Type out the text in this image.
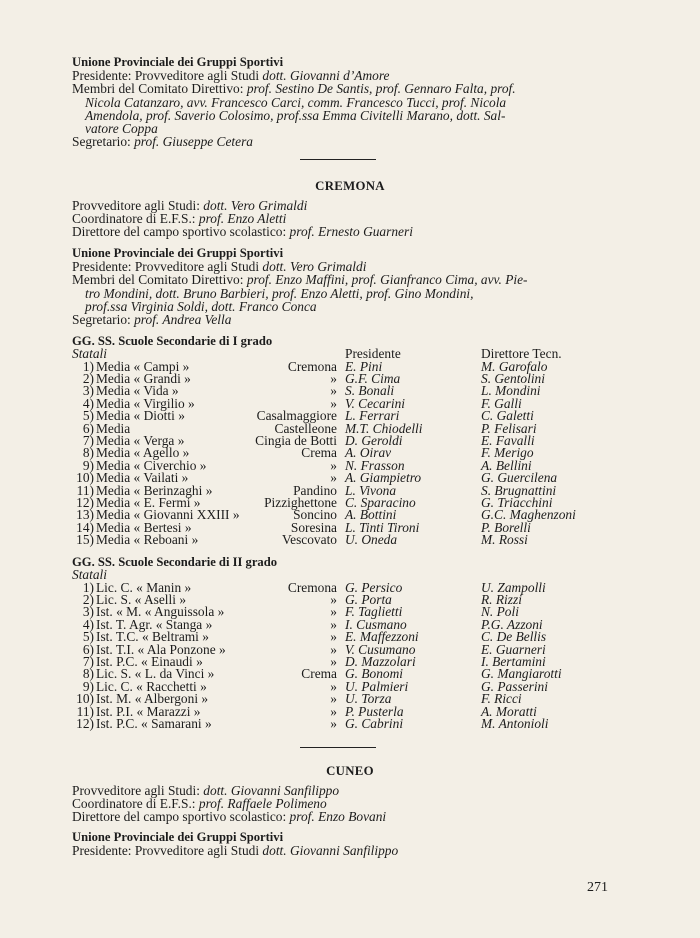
Unione Provinciale dei Gruppi Sportivi
Presidente: Provveditore agli Studi dott. Giovanni d’Amore
Membri del Comitato Direttivo: prof. Sestino De Santis, prof. Gennaro Falta, prof.
Nicola Catanzaro, avv. Francesco Carci, comm. Francesco Tucci, prof. Nicola
Amendola, prof. Saverio Colosimo, prof.ssa Emma Civitelli Marano, dott. Sal-
vatore Coppa
Segretario: prof. Giuseppe Cetera
CREMONA
Provveditore agli Studi: dott. Vero Grimaldi
Coordinatore di E.F.S.: prof. Enzo Aletti
Direttore del campo sportivo scolastico: prof. Ernesto Guarneri
Unione Provinciale dei Gruppi Sportivi
Presidente: Provveditore agli Studi dott. Vero Grimaldi
Membri del Comitato Direttivo: prof. Enzo Maffini, prof. Gianfranco Cima, avv. Pie-
tro Mondini, dott. Bruno Barbieri, prof. Enzo Aletti, prof. Gino Mondini,
prof.ssa Virginia Soldi, dott. Franco Conca
Segretario: prof. Andrea Vella
GG. SS. Scuole Secondarie di I grado
Statali			Presidente	Direttore Tecn.
1)	Media « Campi »	Cremona	E. Pini	M. Garofalo
2)	Media « Grandi »	»	G.F. Cima	S. Gentolini
3)	Media « Vida »	»	S. Bonali	L. Mondini
4)	Media « Virgilio »	»	V. Cecarini	F. Galli
5)	Media « Diotti »	Casalmaggiore	L. Ferrari	C. Galetti
6)	Media	Castelleone	M.T. Chiodelli	P. Felisari
7)	Media « Verga »	Cingia de Botti	D. Geroldi	E. Favalli
8)	Media « Agello »	Crema	A. Oirav	F. Merigo
9)	Media « Civerchio »	»	N. Frasson	A. Bellini
10)	Media « Vailati »	»	A. Giampietro	G. Guercilena
11)	Media « Berinzaghi »	Pandino	L. Vivona	S. Brugnattini
12)	Media « E. Fermi »	Pizzighettone	C. Sparacino	G. Triacchini
13)	Media « Giovanni XXIII »	Soncino	A. Bottini	G.C. Maghenzoni
14)	Media « Bertesi »	Soresina	L. Tinti Tironi	P. Borelli
15)	Media « Reboani »	Vescovato	U. Oneda	M. Rossi
GG. SS. Scuole Secondarie di II grado
Statali				
1)	Lic. C. « Manin »	Cremona	G. Persico	U. Zampolli
2)	Lic. S. « Aselli »	»	G. Porta	R. Rizzi
3)	Ist. « M. « Anguissola »	»	F. Taglietti	N. Poli
4)	Ist. T. Agr. « Stanga »	»	I. Cusmano	P.G. Azzoni
5)	Ist. T.C. « Beltrami »	»	E. Maffezzoni	C. De Bellis
6)	Ist. T.I. « Ala Ponzone »	»	V. Cusumano	E. Guarneri
7)	Ist. P.C. « Einaudi »	»	D. Mazzolari	I. Bertamini
8)	Lic. S. « L. da Vinci »	Crema	G. Bonomi	G. Mangiarotti
9)	Lic. C. « Racchetti »	»	U. Palmieri	G. Passerini
10)	Ist. M. « Albergoni »	»	U. Torza	F. Ricci
11)	Ist. P.I. « Marazzi »	»	P. Pusterla	A. Moratti
12)	Ist. P.C. « Samarani »	»	G. Cabrini	M. Antonioli
CUNEO
Provveditore agli Studi: dott. Giovanni Sanfilippo
Coordinatore di E.F.S.: prof. Raffaele Polimeno
Direttore del campo sportivo scolastico: prof. Enzo Bovani
Unione Provinciale dei Gruppi Sportivi
Presidente: Provveditore agli Studi dott. Giovanni Sanfilippo
271
